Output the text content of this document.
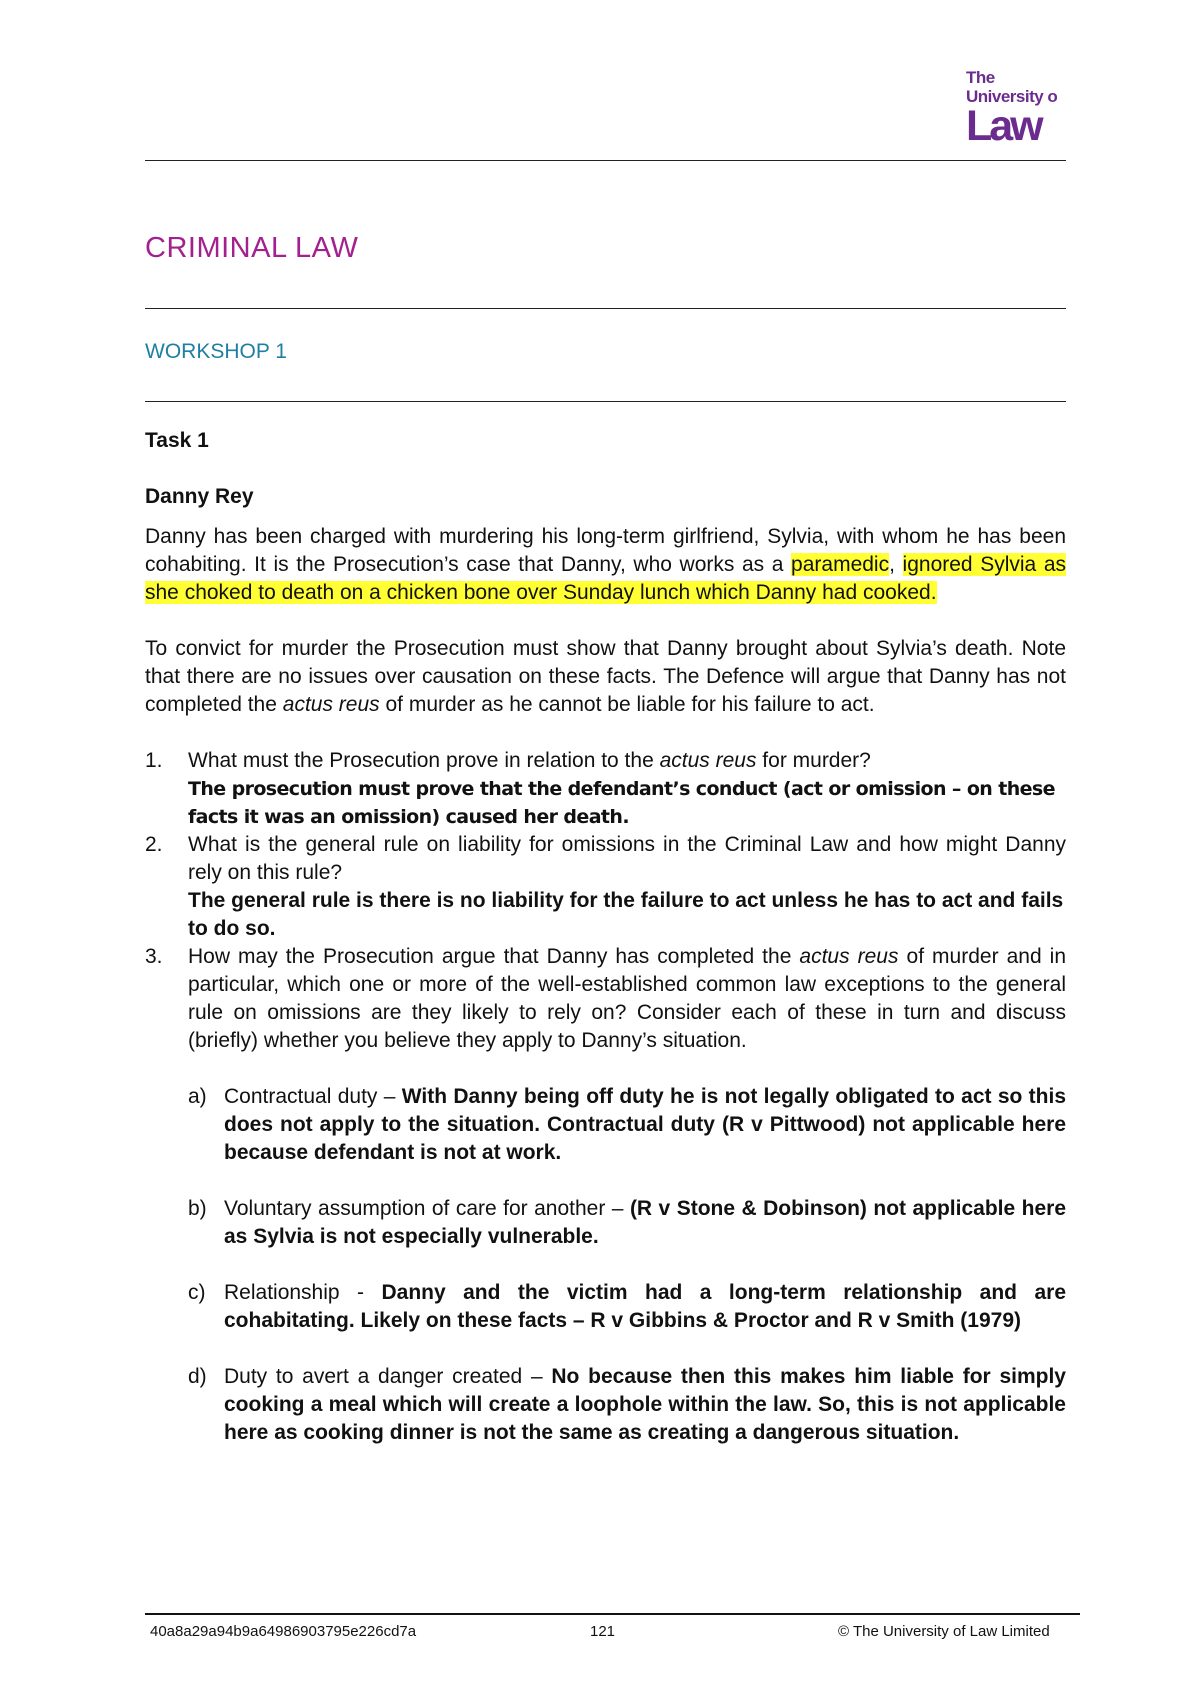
The
University o
Law
CRIMINAL LAW
WORKSHOP 1

Task 1

Danny Rey

Danny has been charged with murdering his long-term girlfriend, Sylvia, with whom he has been cohabiting. It is the Prosecution’s case that Danny, who works as a paramedic, ignored Sylvia as she choked to death on a chicken bone over Sunday lunch which Danny had cooked.

To convict for murder the Prosecution must show that Danny brought about Sylvia’s death. Note that there are no issues over causation on these facts. The Defence will argue that Danny has not completed the actus reus of murder as he cannot be liable for his failure to act.

1. What must the Prosecution prove in relation to the actus reus for murder?

The prosecution must prove that the defendant’s conduct (act or omission – on these facts it was an omission) caused her death.

2. What is the general rule on liability for omissions in the Criminal Law and how might Danny rely on this rule?

The general rule is there is no liability for the failure to act unless he has to act and fails to do so.

3. How may the Prosecution argue that Danny has completed the actus reus of murder and in particular, which one or more of the well-established common law exceptions to the general rule on omissions are they likely to rely on? Consider each of these in turn and discuss (briefly) whether you believe they apply to Danny’s situation.

a) Contractual duty – With Danny being off duty he is not legally obligated to act so this does not apply to the situation. Contractual duty (R v Pittwood) not applicable here because defendant is not at work.

b) Voluntary assumption of care for another – (R v Stone & Dobinson) not applicable here as Sylvia is not especially vulnerable.

c) Relationship - Danny and the victim had a long-term relationship and are cohabitating. Likely on these facts – R v Gibbins & Proctor and R v Smith (1979)

d) Duty to avert a danger created – No because then this makes him liable for simply cooking a meal which will create a loophole within the law. So, this is not applicable here as cooking dinner is not the same as creating a dangerous situation.

40a8a29a94b9a64986903795e226cd7a	121	© The University of Law Limited
